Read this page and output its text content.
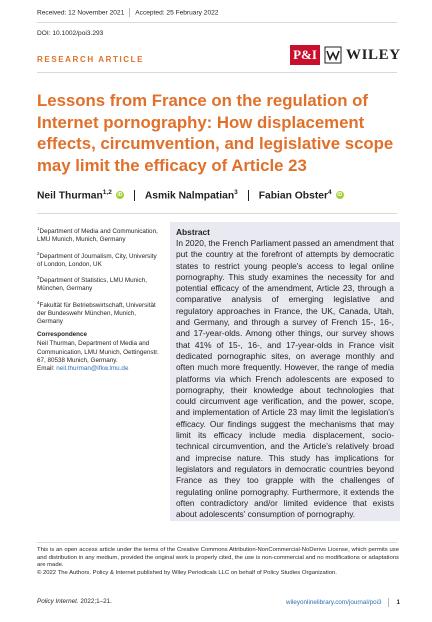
Received: 12 November 2021 Accepted: 25 February 2022
DOI: 10.1002/poi3.293
RESEARCH ARTICLE	P&I WILEY
Lessons from France on the regulation of Internet pornography: How displacement effects, circumvention, and legislative scope may limit the efficacy of Article 23
Neil Thurman$^{1,2}$	iD Asmik Nalmpatian$^3$ Fabian Obster$^4$	iD
$^1$Department of Media and Communication, LMU Munich, Munich, Germany
$^2$Department of Journalism, City, University of London, London, UK
$^3$Department of Statistics, LMU Munich, München, Germany
$^4$Fakultät für Betriebswirtschaft, Universität der Bundeswehr München, Munich, Germany
Correspondence
Neil Thurman, Department of Media and Communication, LMU Munich, Oettingenstr. 67, 80538 Munich, Germany.
Email: neil.thurman@ifkw.lmu.de
Abstract
In 2020, the French Parliament passed an amendment that put the country at the forefront of attempts by democratic states to restrict young people's access to legal online pornography. This study examines the necessity for and potential efficacy of the amendment, Article 23, through a comparative analysis of emerging legislative and regulatory approaches in France, the UK, Canada, Utah, and Germany, and through a survey of French 15-, 16-, and 17-year-olds. Among other things, our survey shows that 41% of 15-, 16-, and 17-year-olds in France visit dedicated pornographic sites, on average monthly and often much more frequently. However, the range of media platforms via which French adolescents are exposed to pornography, their knowledge about technologies that could circumvent age verification, and the power, scope, and implementation of Article 23 may limit the legislation's efficacy. Our findings suggest the mechanisms that may limit its efficacy include media displacement, socio-technical circumvention, and the Article's relatively broad and imprecise nature. This study has implications for legislators and regulators in democratic countries beyond France as they too grapple with the challenges of regulating online pornography. Furthermore, it extends the often contradictory and/or limited evidence that exists about adolescents' consumption of pornography.
This is an open access article under the terms of the Creative Commons Attribution-NonCommercial-NoDerivs License, which permits use and distribution in any medium, provided the original work is properly cited, the use is non-commercial and no modifications or adaptations are made.
© 2022 The Authors. Policy & Internet published by Wiley Periodicals LLC on behalf of Policy Studies Organization.
Policy Internet. 2022;1–21.	wileyonlinelibrary.com/journal/poi3 1
